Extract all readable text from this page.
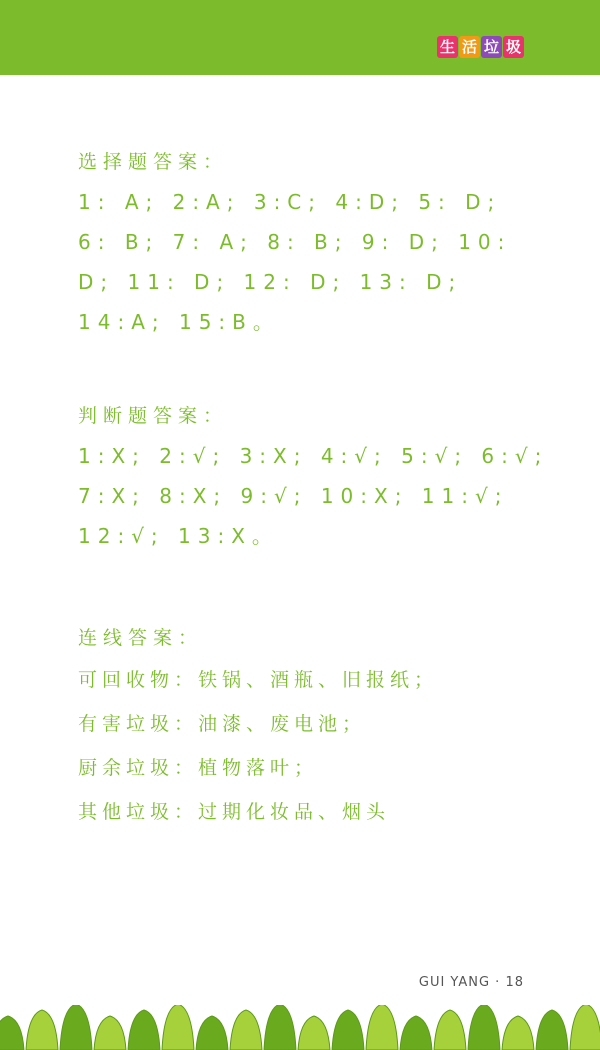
生 活 垃 圾
选择题答案：
1: A; 2:A; 3:C; 4:D; 5: D;
6: B; 7: A; 8: B; 9: D; 10:
D; 11: D; 12: D; 13: D;
14:A; 15:B。
判断题答案：
1:X; 2:√; 3:X; 4:√; 5:√; 6:√;
7:X; 8:X; 9:√; 10:X; 11:√;
12:√; 13:X。
连线答案：
可回收物：铁锅、酒瓶、旧报纸；
有害垃圾：油漆、废电池；
厨余垃圾：植物落叶；
其他垃圾：过期化妆品、烟头
GUI YANG · 18
